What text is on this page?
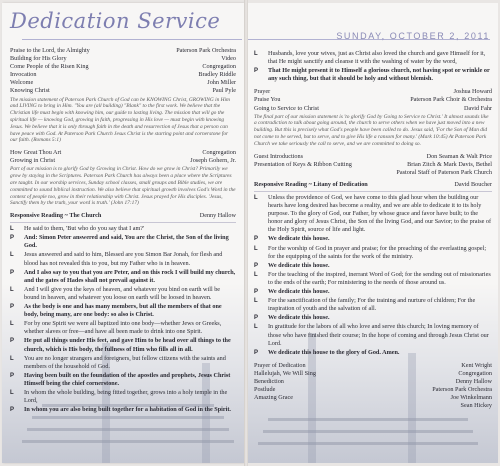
Dedication Service
Praise to the Lord, the Almighty	Paterson Park Orchestra
Building for His Glory	Video
Come People of the Risen King	Congregation
Invocation	Bradley Riddle
Welcome	John Miller
Knowing Christ	Paul Pyle
The mission statement of Paterson Park Church of God can be KNOWING Christ, GROWING in Him and LIVING to bring in Him. "You are (all building) "Blank" to the first work. We believe that the Christian life must begin with knowing him, our guide to lasting living. The mission that will go the spiritual life — knowing God, growing in faith, progressing in His love — must begin with knowing Jesus. We believe that it is only through faith in the death and resurrection of Jesus that a person can have peace with God. At Paterson Park Church Jesus Christ is the starting point and cornerstone for our faith. (Romans 5:1)
How Great Thou Art	Congregation
Growing in Christ	Joseph Gohern, Jr.
Part of our mission is to glorify God by Growing in Christ. How do we grow in Christ? Primarily we grow by staying in the Scriptures. Paterson Park Church has always been a place where the Scriptures are taught. In our worship services, Sunday school classes, small groups and Bible studies, we are committed to sound biblical instruction. We also believe that spiritual growth involves God's Word in the context of people too, grow in their relationship with Christ. Jesus prayed for His disciples. 'Jesus, Sanctify them by the truth, your word is truth.' (John 17:17)
Responsive Reading ~ The Church	Denny Hallow
L	He said to them, 'But who do you say that I am?'
P	And: Simon Peter answered and said, You are the Christ, the Son of the living God.
L	Jesus answered and said to him, Blessed are you Simon Bar Jonah, for flesh and blood has not revealed this to you, but my Father who is in heaven.
P	And I also say to you that you are Peter, and on this rock I will build my church, and the gates of Hades shall not prevail against it.
L	And I will give you the keys of heaven, and whatever you bind on earth will be bound in heaven, and whatever you loose on earth will be loosed in heaven.
P	As the body is one and has many members, but all the members of that one body, being many, are one body: so also is Christ.
L	For by one Spirit we were all baptized into one body—whether Jews or Greeks, whether slaves or free—and have all been made to drink into one Spirit.
P	He put all things under His feet, and gave Him to be head over all things to the church, which is His body, the fullness of Him who fills all in all.
L	You are no longer strangers and foreigners, but fellow citizens with the saints and members of the household of God.
P	Having been built on the foundation of the apostles and prophets, Jesus Christ Himself being the chief cornerstone.
L	In whom the whole building, being fitted together, grows into a holy temple in the Lord,
P	In whom you are also being built together for a habitation of God in the Spirit.
SUNDAY, OCTOBER 2, 2011
L	Husbands, love your wives, just as Christ also loved the church and gave Himself for it, that He might sanctify and cleanse it with the washing of water by the word,
P	That He might present it to Himself a glorious church, not having spot or wrinkle or any such thing, but that it should be holy and without blemish.
Prayer	Joshua Howard
Praise You	Paterson Park Choir & Orchestra
Going to Service to Christ	David Fahr
The final part of our mission statement is 'to glorify God by Going to Service to Christ.' It almost sounds like a contradiction to talk about going around, the church to serve others when we have just moved into a new building. But this is precisely what God's people have been called to do. Jesus said, 'For the Son of Man did not come to be served, but to serve, and to give His life a ransom for many.' (Mark 10:45) At Paterson Park Church we take seriously the call to serve, and we are committed to doing so.
Guest Introductions	Don Seaman & Walt Price
Presentation of Keys & Ribbon Cutting	Brian Zitch & Mark Davis, Bethel
Pastoral Staff of Paterson Park Church
Responsive Reading ~ Litany of Dedication	David Boucher
L	Unless the providence of God, we have come to this glad hour when the building our hearts have long desired has become a reality, and we are able to dedicate it to its holy purpose. To the glory of God, our Father, by whose grace and favor have built; to the honor and glory of Jesus Christ, the Son of the living God, and our Savior; to the praise of the Holy Spirit, source of life and light.
P	We dedicate this house.
L	For the worship of God in prayer and praise; for the preaching of the everlasting gospel; for the equipping of the saints for the work of the ministry.
P	We dedicate this house.
L	For the teaching of the inspired, inerrant Word of God; for the sending out of missionaries to the ends of the earth; For ministering to the needs of those around us.
P	We dedicate this house.
L	For the sanctification of the family; For the training and nurture of children; For the inspiration of youth and the salvation of all.
P	We dedicate this house.
L	In gratitude for the labors of all who love and serve this church; In loving memory of those who have finished their course; In the hope of coming and through Jesus Christ our Lord.
P	We dedicate this house to the glory of God. Amen.
Prayer of Dedication	Kent Wright
Hallelujah, We Will Sing	Congregation
Benediction	Denny Hallow
Postlude	Paterson Park Orchestra
Amazing Grace	Joe Winkelmann
Sean Hickey
